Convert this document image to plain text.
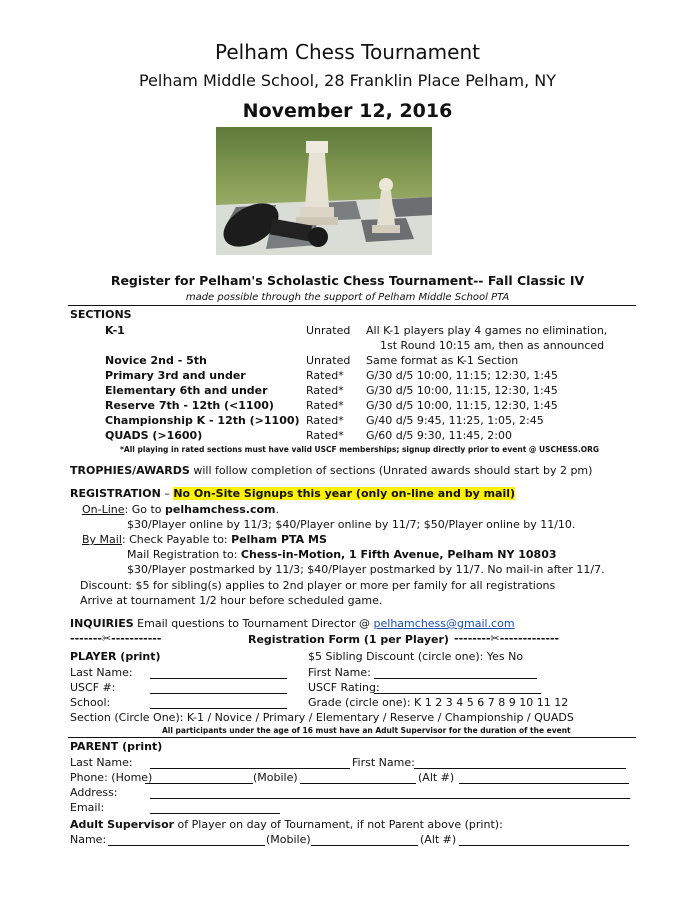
Pelham Chess Tournament
Pelham Middle School, 28 Franklin Place Pelham, NY
November 12, 2016
Register for Pelham's Scholastic Chess Tournament-- Fall Classic IV
made possible through the support of Pelham Middle School PTA
SECTIONS
K-1	Unrated All K-1 players play 4 games no elimination,
1st Round 10:15 am, then as announced
Novice 2nd - 5th	Unrated Same format as K-1 Section
Primary 3rd and under	Rated* G/30 d/5 10:00, 11:15; 12:30, 1:45
Elementary 6th and under	Rated* G/30 d/5 10:00, 11:15, 12:30, 1:45
Reserve 7th - 12th (<1100)	Rated* G/30 d/5 10:00, 11:15, 12:30, 1:45
Championship K - 12th (>1100) Rated* G/40 d/5 9:45, 11:25, 1:05, 2:45
QUADS (>1600)	Rated* G/60 d/5 9:30, 11:45, 2:00
*All playing in rated sections must have valid USCF memberships; signup directly prior to event @ USCHESS.ORG
TROPHIES/AWARDS will follow completion of sections (Unrated awards should start by 2 pm)
REGISTRATION – No On-Site Signups this year (only on-line and by mail)
On-Line: Go to pelhamchess.com.
$30/Player online by 11/3; $40/Player online by 11/7; $50/Player online by 11/10.
By Mail: Check Payable to: Pelham PTA MS
Mail Registration to: Chess-in-Motion, 1 Fifth Avenue, Pelham NY 10803
$30/Player postmarked by 11/3; $40/Player postmarked by 11/7. No mail-in after 11/7.
Discount: $5 for sibling(s) applies to 2nd player or more per family for all registrations
Arrive at tournament 1/2 hour before scheduled game.
INQUIRIES Email questions to Tournament Director @ pelhamchess@gmail.com
-------✂-----------	Registration Form (1 per Player) --------✂-------------
PLAYER (print)	$5 Sibling Discount (circle one): Yes No
Last Name:	First Name:
USCF #:	USCF Rating:
School:	Grade (circle one): K 1 2 3 4 5 6 7 8 9 10 11 12
Section (Circle One): K-1 / Novice / Primary / Elementary / Reserve / Championship / QUADS
All participants under the age of 16 must have an Adult Supervisor for the duration of the event
PARENT (print)
Last Name:	First Name:
Phone: (Home)	(Mobile)	(Alt #)
Address:
Email:
Adult Supervisor of Player on day of Tournament, if not Parent above (print):
Name:	(Mobile)	(Alt #)
